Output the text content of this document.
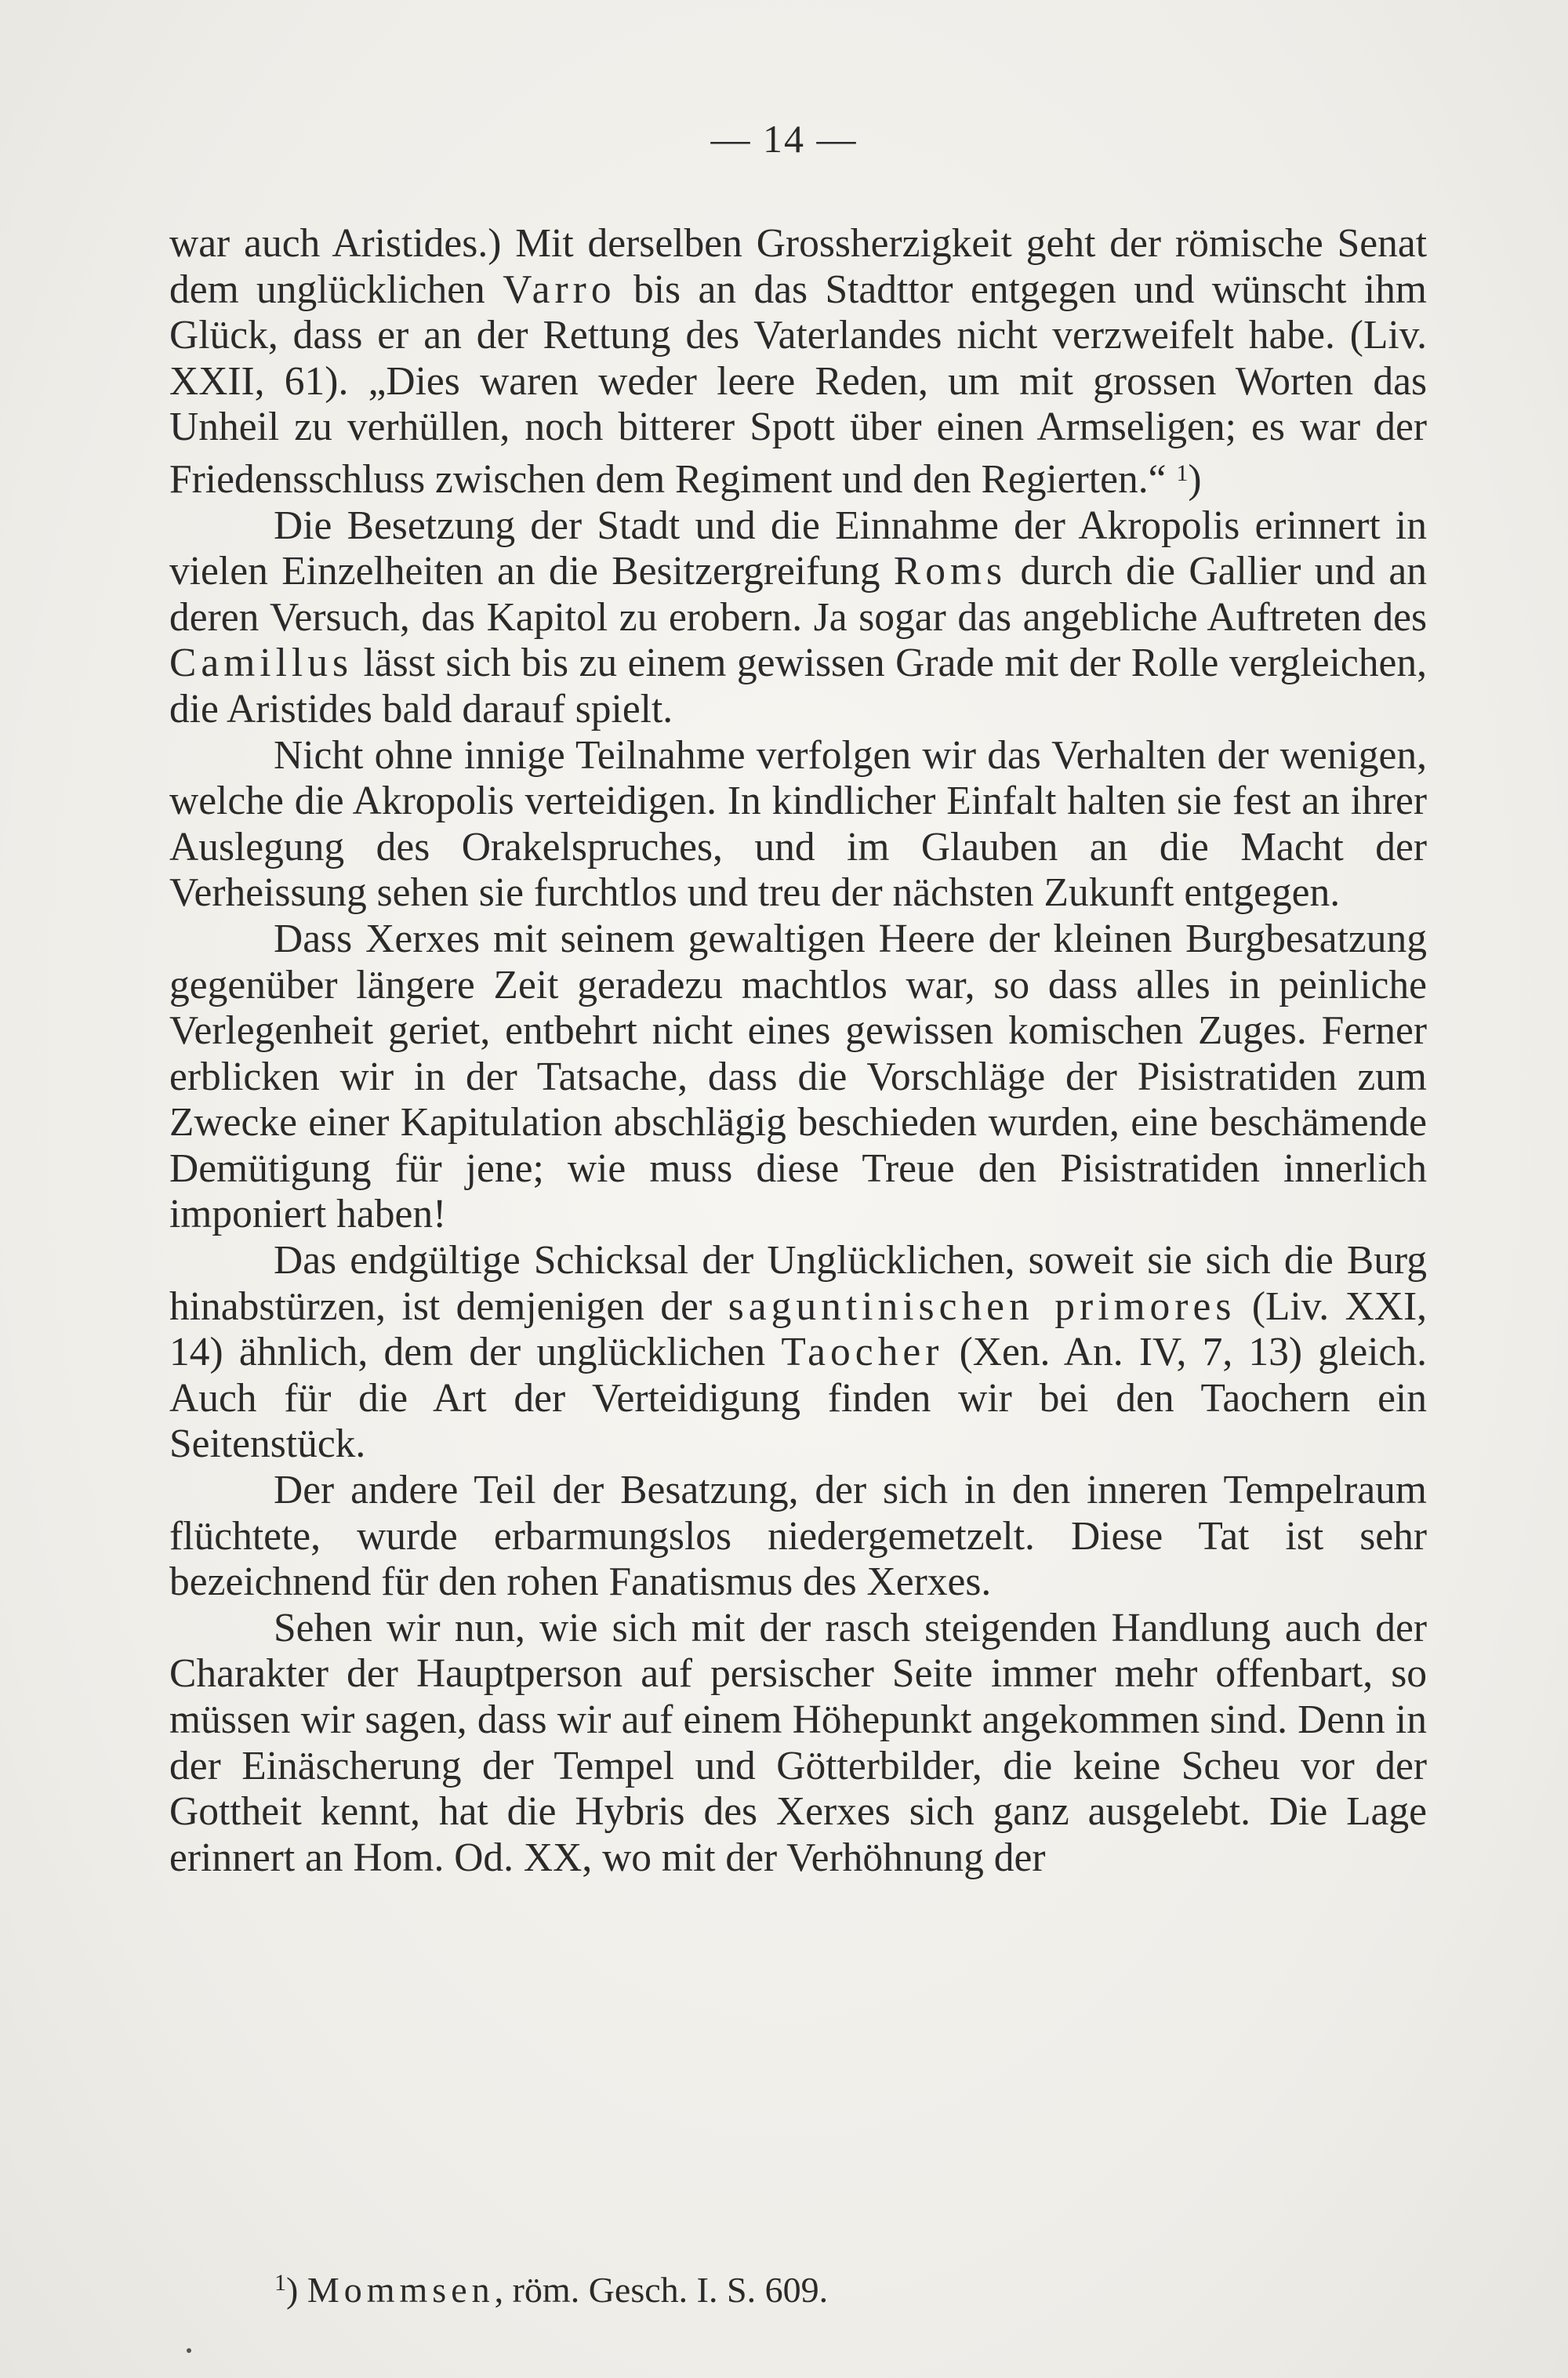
— 14 —

war auch Aristides.) Mit derselben Grossherzigkeit geht der römische Senat dem unglücklichen Varro bis an das Stadttor entgegen und wünscht ihm Glück, dass er an der Rettung des Vaterlandes nicht verzweifelt habe. (Liv. XXII, 61). „Dies waren weder leere Reden, um mit grossen Worten das Unheil zu verhüllen, noch bitterer Spott über einen Armseligen; es war der Friedensschluss zwischen dem Regiment und den Regierten.“ $^1$)

Die Besetzung der Stadt und die Einnahme der Akropolis erinnert in vielen Einzelheiten an die Besitzergreifung Roms durch die Gallier und an deren Versuch, das Kapitol zu erobern. Ja sogar das angebliche Auftreten des Camillus lässt sich bis zu einem gewissen Grade mit der Rolle vergleichen, die Aristides bald darauf spielt.

Nicht ohne innige Teilnahme verfolgen wir das Verhalten der wenigen, welche die Akropolis verteidigen. In kindlicher Einfalt halten sie fest an ihrer Auslegung des Orakelspruches, und im Glauben an die Macht der Verheissung sehen sie furchtlos und treu der nächsten Zukunft entgegen.

Dass Xerxes mit seinem gewaltigen Heere der kleinen Burgbesatzung gegenüber längere Zeit geradezu machtlos war, so dass alles in peinliche Verlegenheit geriet, entbehrt nicht eines gewissen komischen Zuges. Ferner erblicken wir in der Tatsache, dass die Vorschläge der Pisistratiden zum Zwecke einer Kapitulation abschlägig beschieden wurden, eine beschämende Demütigung für jene; wie muss diese Treue den Pisistratiden innerlich imponiert haben!

Das endgültige Schicksal der Unglücklichen, soweit sie sich die Burg hinabstürzen, ist demjenigen der saguntinischen primores (Liv. XXI, 14) ähnlich, dem der unglücklichen Taocher (Xen. An. IV, 7, 13) gleich. Auch für die Art der Verteidigung finden wir bei den Taochern ein Seitenstück.

Der andere Teil der Besatzung, der sich in den inneren Tempelraum flüchtete, wurde erbarmungslos niedergemetzelt. Diese Tat ist sehr bezeichnend für den rohen Fanatismus des Xerxes.

Sehen wir nun, wie sich mit der rasch steigenden Handlung auch der Charakter der Hauptperson auf persischer Seite immer mehr offenbart, so müssen wir sagen, dass wir auf einem Höhepunkt angekommen sind. Denn in der Einäscherung der Tempel und Götterbilder, die keine Scheu vor der Gottheit kennt, hat die Hybris des Xerxes sich ganz ausgelebt. Die Lage erinnert an Hom. Od. XX, wo mit der Verhöhnung der

$^1$) Mommsen, röm. Gesch. I. S. 609.
